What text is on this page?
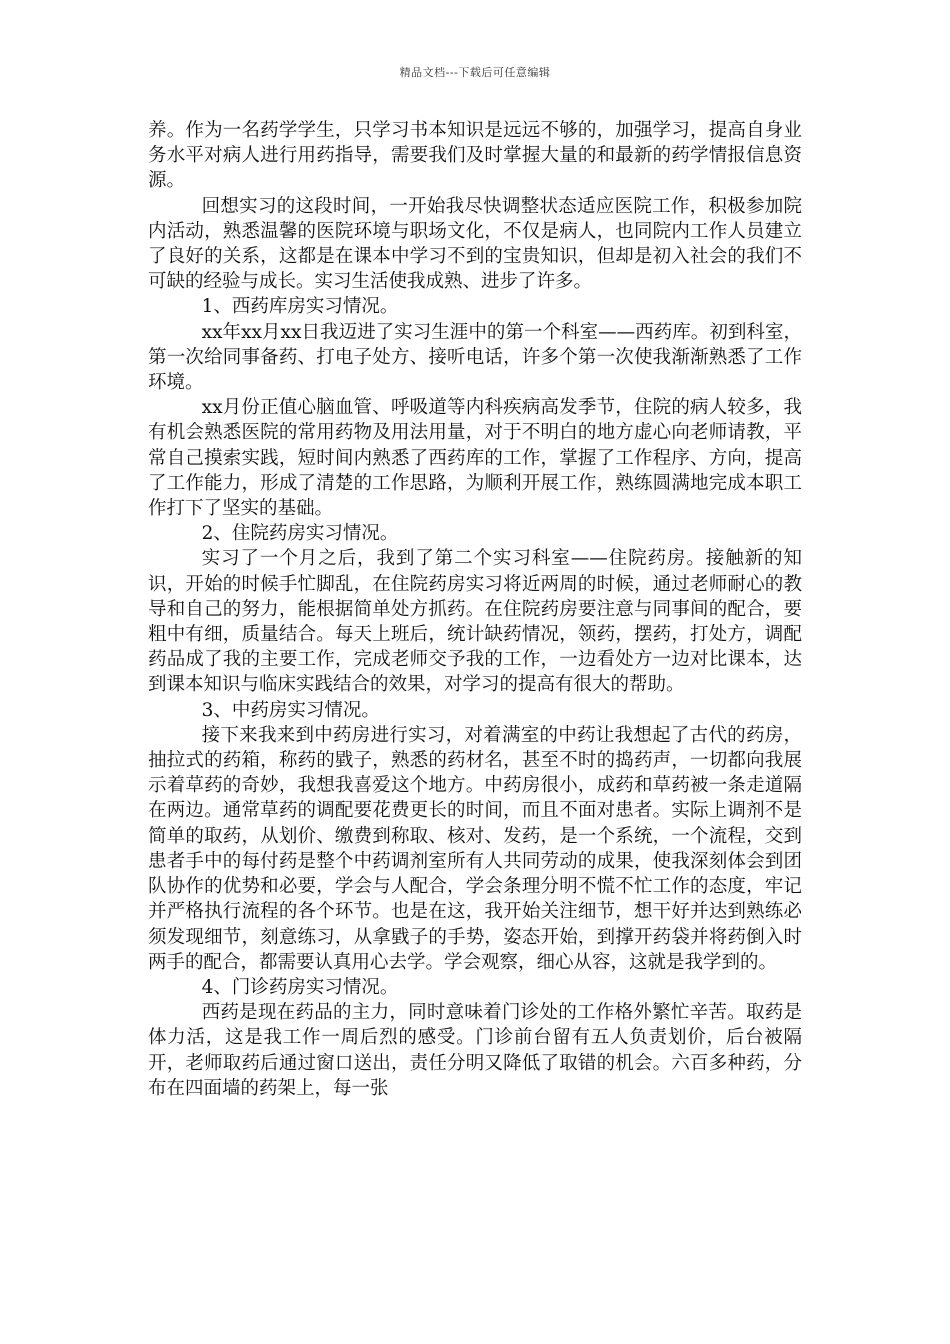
精品文档---下载后可任意编辑

养。作为一名药学学生，只学习书本知识是远远不够的，加强学习，提高自身业务水平对病人进行用药指导，需要我们及时掌握大量的和最新的药学情报信息资源。

回想实习的这段时间，一开始我尽快调整状态适应医院工作，积极参加院内活动，熟悉温馨的医院环境与职场文化，不仅是病人，也同院内工作人员建立了良好的关系，这都是在课本中学习不到的宝贵知识，但却是初入社会的我们不可缺的经验与成长。实习生活使我成熟、进步了许多。

1、西药库房实习情况。

xx年xx月xx日我迈进了实习生涯中的第一个科室——西药库。初到科室，第一次给同事备药、打电子处方、接听电话，许多个第一次使我渐渐熟悉了工作环境。

xx月份正值心脑血管、呼吸道等内科疾病高发季节，住院的病人较多，我有机会熟悉医院的常用药物及用法用量，对于不明白的地方虚心向老师请教，平常自己摸索实践，短时间内熟悉了西药库的工作，掌握了工作程序、方向，提高了工作能力，形成了清楚的工作思路，为顺利开展工作，熟练圆满地完成本职工作打下了坚实的基础。

2、住院药房实习情况。

实习了一个月之后，我到了第二个实习科室——住院药房。接触新的知识，开始的时候手忙脚乱，在住院药房实习将近两周的时候，通过老师耐心的教导和自己的努力，能根据简单处方抓药。在住院药房要注意与同事间的配合，要粗中有细，质量结合。每天上班后，统计缺药情况，领药，摆药，打处方，调配药品成了我的主要工作，完成老师交予我的工作，一边看处方一边对比课本，达到课本知识与临床实践结合的效果，对学习的提高有很大的帮助。

3、中药房实习情况。

接下来我来到中药房进行实习，对着满室的中药让我想起了古代的药房，抽拉式的药箱，称药的戥子，熟悉的药材名，甚至不时的捣药声，一切都向我展示着草药的奇妙，我想我喜爱这个地方。中药房很小，成药和草药被一条走道隔在两边。通常草药的调配要花费更长的时间，而且不面对患者。实际上调剂不是简单的取药，从划价、缴费到称取、核对、发药，是一个系统，一个流程，交到患者手中的每付药是整个中药调剂室所有人共同劳动的成果，使我深刻体会到团队协作的优势和必要，学会与人配合，学会条理分明不慌不忙工作的态度，牢记并严格执行流程的各个环节。也是在这，我开始关注细节，想干好并达到熟练必须发现细节，刻意练习，从拿戥子的手势，姿态开始，到撑开药袋并将药倒入时两手的配合，都需要认真用心去学。学会观察，细心从容，这就是我学到的。

4、门诊药房实习情况。

西药是现在药品的主力，同时意味着门诊处的工作格外繁忙辛苦。取药是体力活，这是我工作一周后烈的感受。门诊前台留有五人负责划价，后台被隔开，老师取药后通过窗口送出，责任分明又降低了取错的机会。六百多种药，分布在四面墙的药架上，每一张
